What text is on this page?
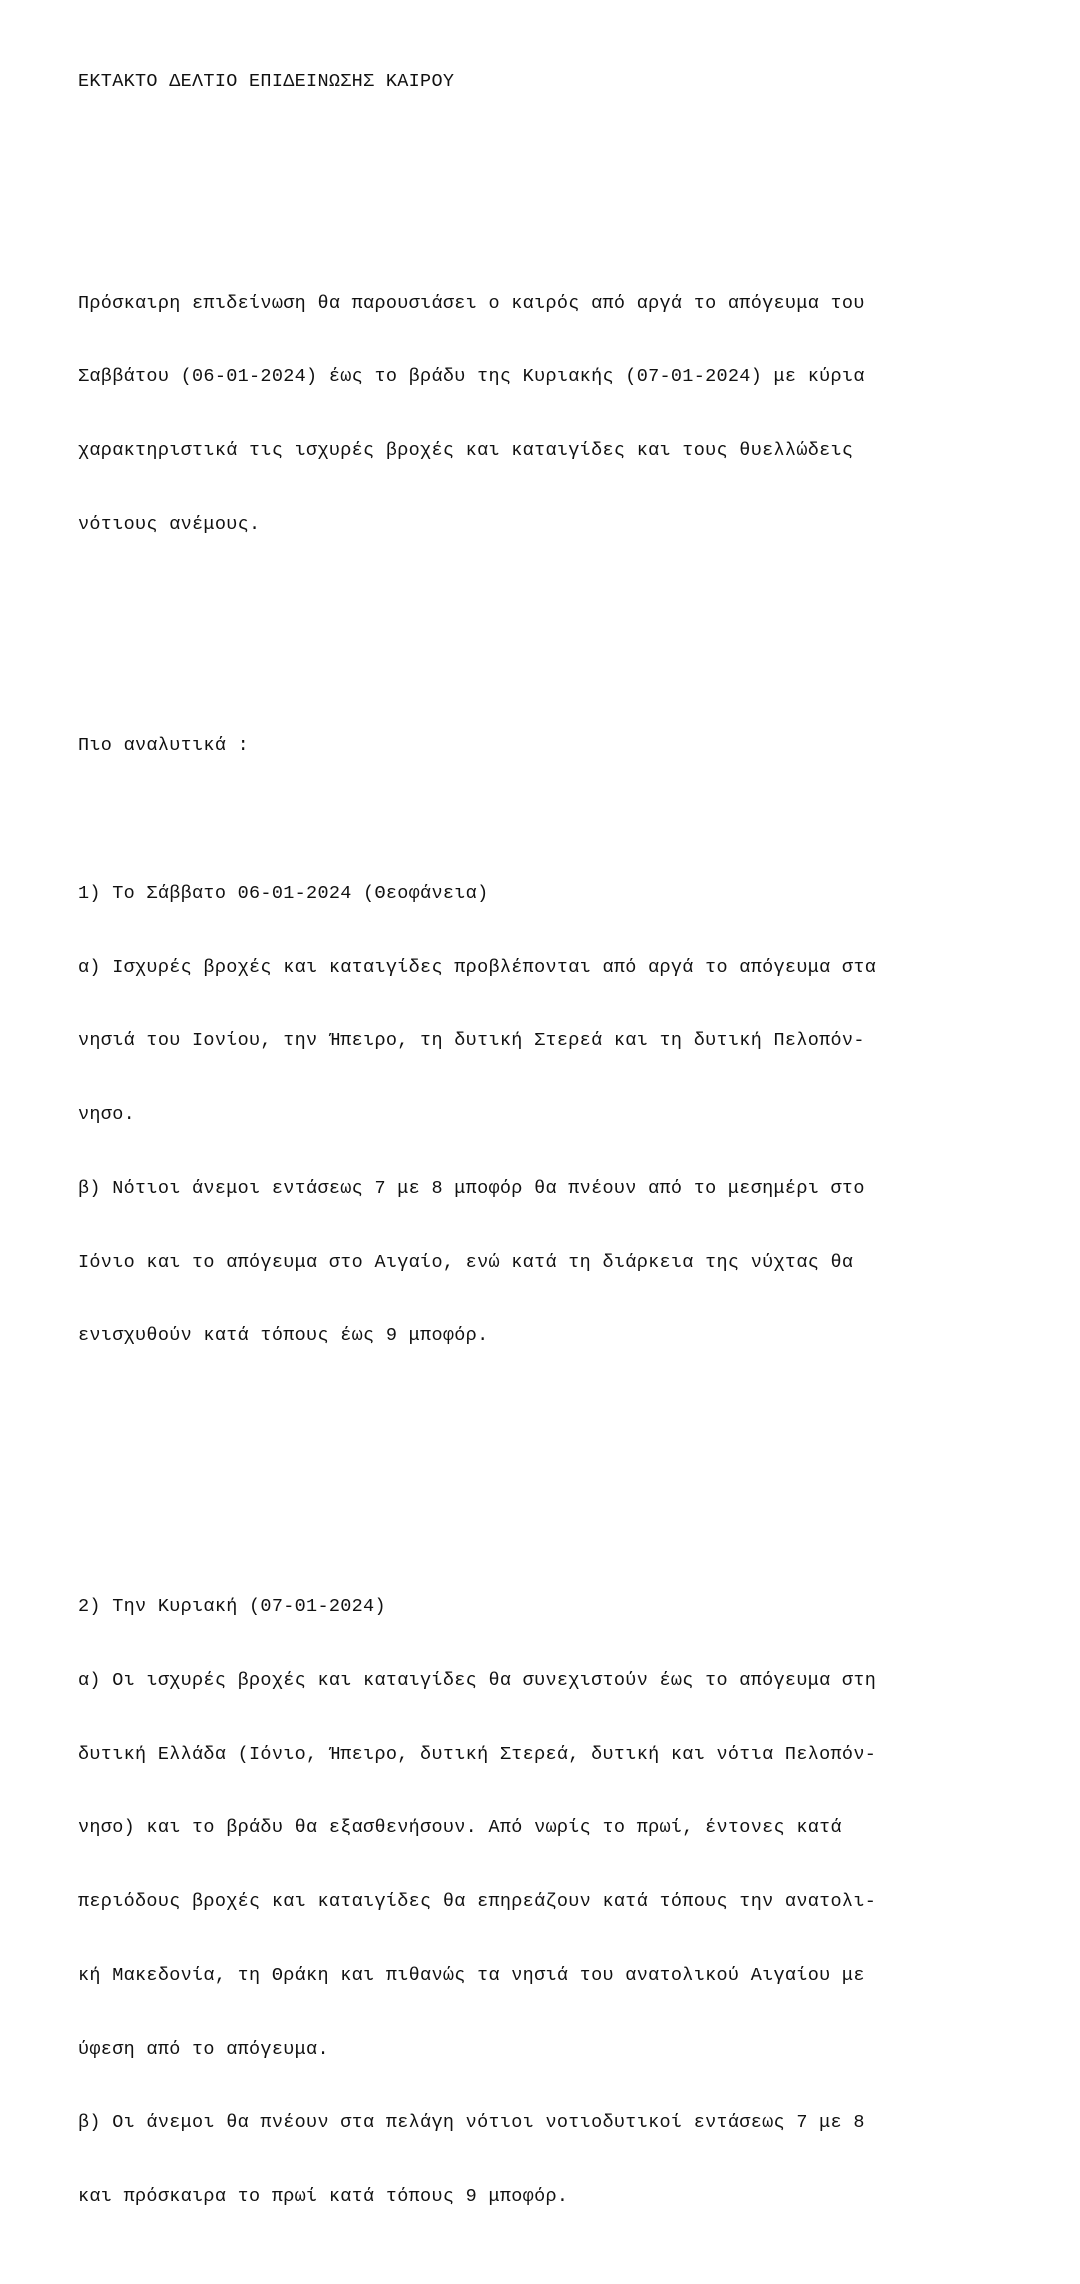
ΕΚΤΑΚΤΟ ΔΕΛΤΙΟ ΕΠΙΔΕΙΝΩΣΗΣ ΚΑΙΡΟΥ

Πρόσκαιρη επιδείνωση θα παρουσιάσει ο καιρός από αργά το απόγευμα του

Σαββάτου (06-01-2024) έως το βράδυ της Κυριακής (07-01-2024) με κύρια

χαρακτηριστικά τις ισχυρές βροχές και καταιγίδες και τους θυελλώδεις

νότιους ανέμους.

Πιο αναλυτικά :

1) Το Σάββατο 06-01-2024 (Θεοφάνεια)

α) Ισχυρές βροχές και καταιγίδες προβλέπονται από αργά το απόγευμα στα

νησιά του Ιονίου, την Ήπειρο, τη δυτική Στερεά και τη δυτική Πελοπόν-

νησο.

β) Νότιοι άνεμοι εντάσεως 7 με 8 μποφόρ θα πνέουν από το μεσημέρι στο

Ιόνιο και το απόγευμα στο Αιγαίο, ενώ κατά τη διάρκεια της νύχτας θα

ενισχυθούν κατά τόπους έως 9 μποφόρ.

2) Την Κυριακή (07-01-2024)

α) Οι ισχυρές βροχές και καταιγίδες θα συνεχιστούν έως το απόγευμα στη

δυτική Ελλάδα (Ιόνιο, Ήπειρο, δυτική Στερεά, δυτική και νότια Πελοπόν-

νησο) και το βράδυ θα εξασθενήσουν. Από νωρίς το πρωί, έντονες κατά

περιόδους βροχές και καταιγίδες θα επηρεάζουν κατά τόπους την ανατολι-

κή Μακεδονία, τη Θράκη και πιθανώς τα νησιά του ανατολικού Αιγαίου με

ύφεση από το απόγευμα.

β) Οι άνεμοι θα πνέουν στα πελάγη νότιοι νοτιοδυτικοί εντάσεως 7 με 8

και πρόσκαιρα το πρωί κατά τόπους 9 μποφόρ.
